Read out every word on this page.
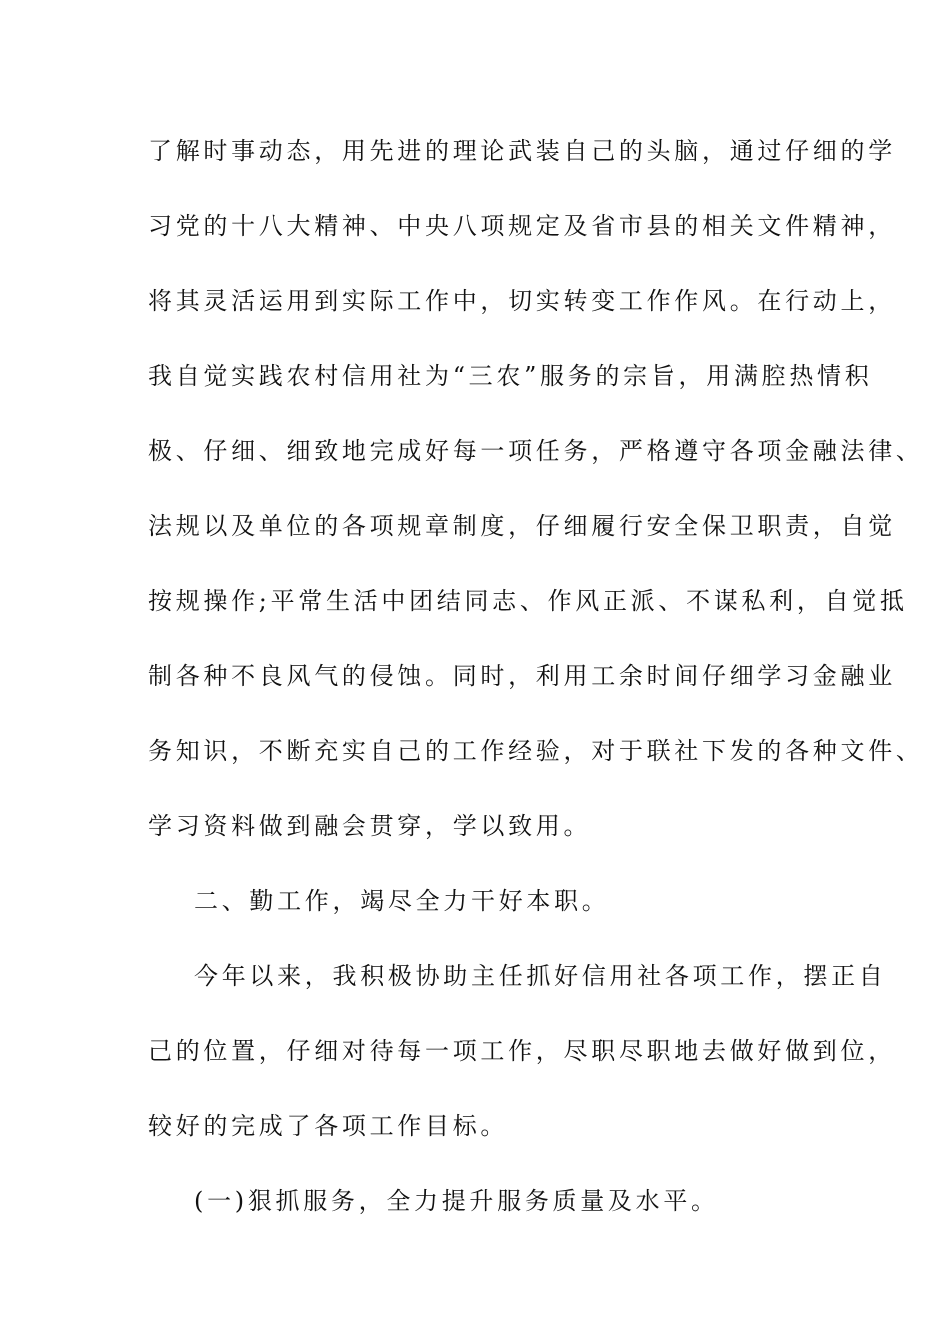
了解时事动态，用先进的理论武装自己的头脑，通过仔细的学
习党的十八大精神、中央八项规定及省市县的相关文件精神，
将其灵活运用到实际工作中，切实转变工作作风。在行动上，
我自觉实践农村信用社为“三农”服务的宗旨，用满腔热情积
极、仔细、细致地完成好每一项任务，严格遵守各项金融法律、
法规以及单位的各项规章制度，仔细履行安全保卫职责，自觉
按规操作;平常生活中团结同志、作风正派、不谋私利，自觉抵
制各种不良风气的侵蚀。同时，利用工余时间仔细学习金融业
务知识，不断充实自己的工作经验，对于联社下发的各种文件、
学习资料做到融会贯穿，学以致用。
二、勤工作，竭尽全力干好本职。
今年以来，我积极协助主任抓好信用社各项工作，摆正自
己的位置，仔细对待每一项工作，尽职尽职地去做好做到位，
较好的完成了各项工作目标。
(一)狠抓服务，全力提升服务质量及水平。
